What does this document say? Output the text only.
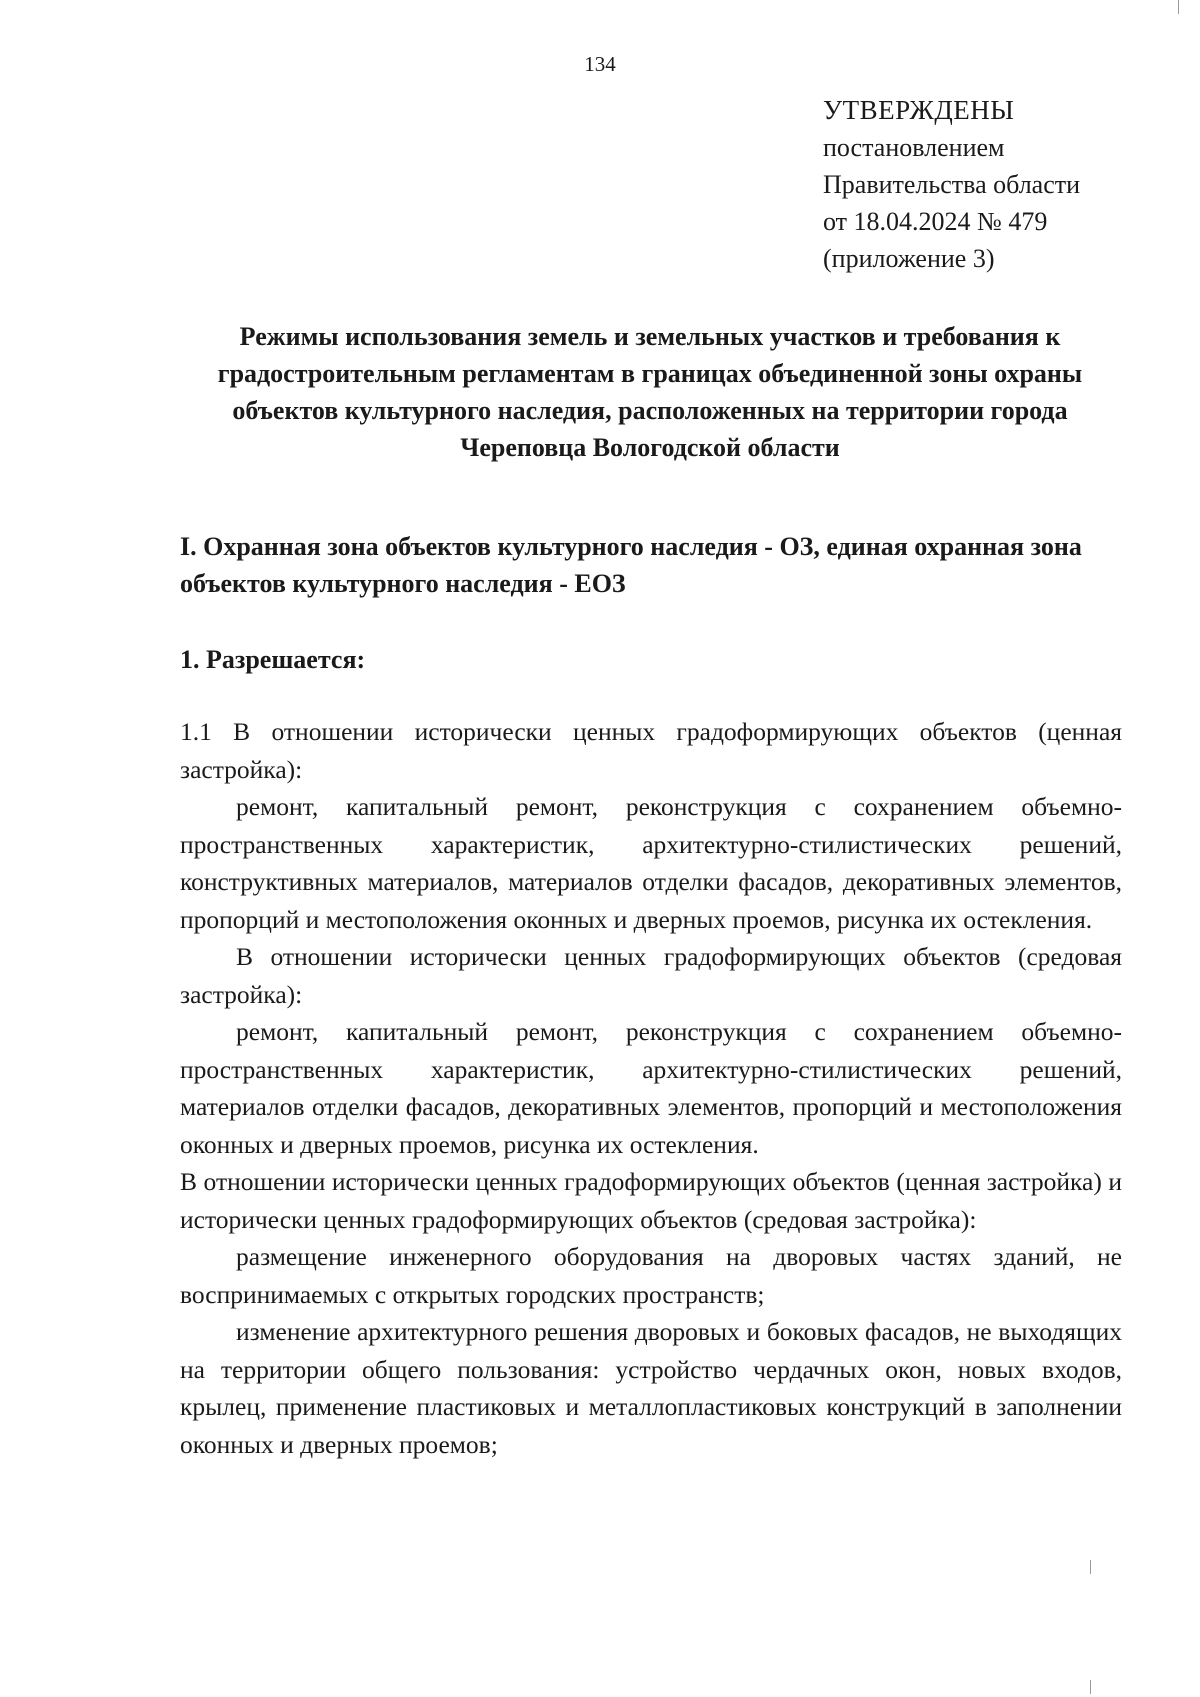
134
УТВЕРЖДЕНЫ
постановлением
Правительства области
от 18.04.2024 № 479
(приложение 3)
Режимы использования земель и земельных участков и требования к градостроительным регламентам в границах объединенной зоны охраны объектов культурного наследия, расположенных на территории города Череповца Вологодской области
I. Охранная зона объектов культурного наследия - ОЗ, единая охранная зона объектов культурного наследия - ЕОЗ
1. Разрешается:

1.1 В отношении исторически ценных градоформирующих объектов (ценная застройка):

ремонт, капитальный ремонт, реконструкция с сохранением объемно-пространственных характеристик, архитектурно-стилистических решений, конструктивных материалов, материалов отделки фасадов, декоративных элементов, пропорций и местоположения оконных и дверных проемов, рисунка их остекления.

В отношении исторически ценных градоформирующих объектов (средовая застройка):

ремонт, капитальный ремонт, реконструкция с сохранением объемно-пространственных характеристик, архитектурно-стилистических решений, материалов отделки фасадов, декоративных элементов, пропорций и местоположения оконных и дверных проемов, рисунка их остекления.

В отношении исторически ценных градоформирующих объектов (ценная застройка) и исторически ценных градоформирующих объектов (средовая застройка):

размещение инженерного оборудования на дворовых частях зданий, не воспринимаемых с открытых городских пространств;

изменение архитектурного решения дворовых и боковых фасадов, не выходящих на территории общего пользования: устройство чердачных окон, новых входов, крылец, применение пластиковых и металлопластиковых конструкций в заполнении оконных и дверных проемов;
